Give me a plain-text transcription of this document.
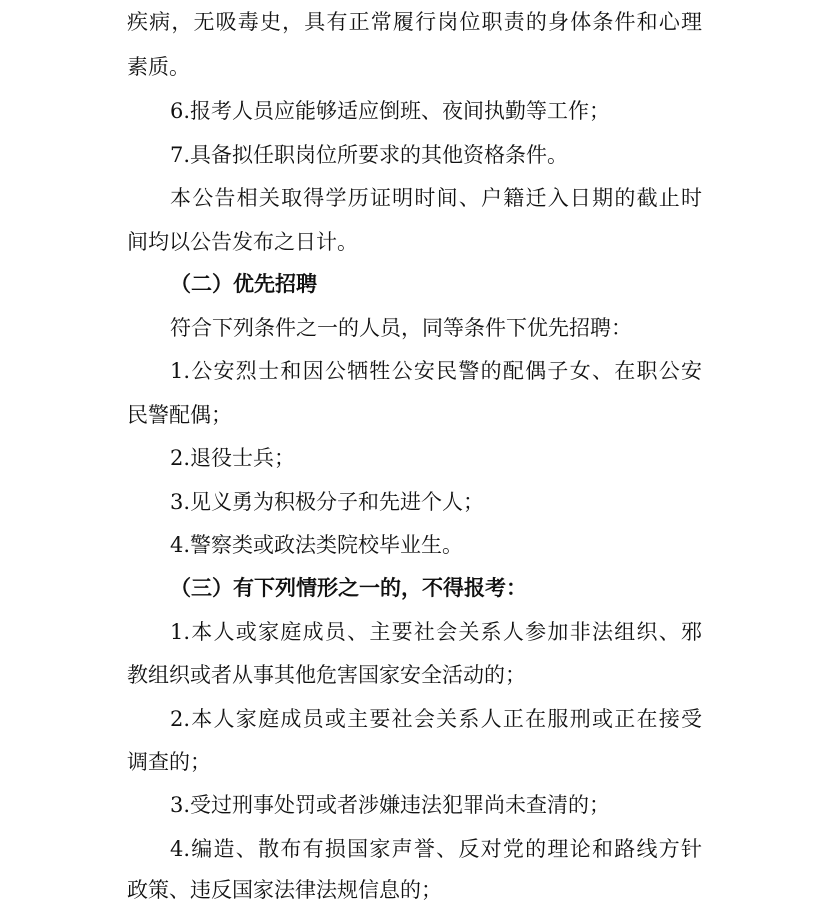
疾病，无吸毒史，具有正常履行岗位职责的身体条件和心理
素质。
6.报考人员应能够适应倒班、夜间执勤等工作；
7.具备拟任职岗位所要求的其他资格条件。
本公告相关取得学历证明时间、户籍迁入日期的截止时
间均以公告发布之日计。
（二）优先招聘
符合下列条件之一的人员，同等条件下优先招聘：
1.公安烈士和因公牺牲公安民警的配偶子女、在职公安
民警配偶；
2.退役士兵；
3.见义勇为积极分子和先进个人；
4.警察类或政法类院校毕业生。
（三）有下列情形之一的，不得报考：
1.本人或家庭成员、主要社会关系人参加非法组织、邪
教组织或者从事其他危害国家安全活动的；
2.本人家庭成员或主要社会关系人正在服刑或正在接受
调查的；
3.受过刑事处罚或者涉嫌违法犯罪尚未查清的；
4.编造、散布有损国家声誉、反对党的理论和路线方针
政策、违反国家法律法规信息的；
